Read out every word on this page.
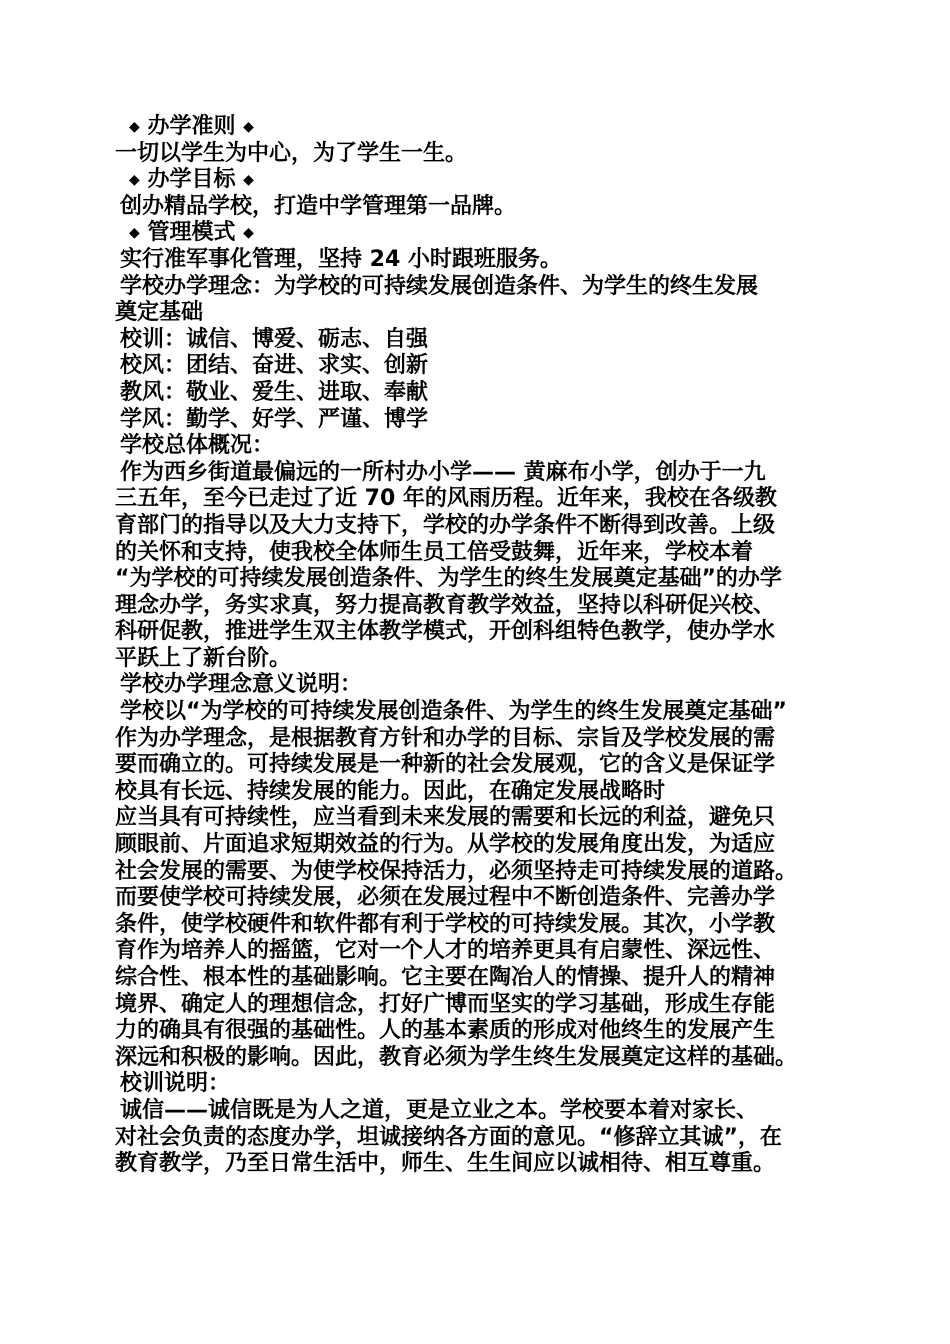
◆ 办学准则 ◆
一切以学生为中心，为了学生一生。
◆ 办学目标 ◆
创办精品学校，打造中学管理第一品牌。
◆ 管理模式 ◆
实行准军事化管理，坚持 24 小时跟班服务。
学校办学理念：为学校的可持续发展创造条件、为学生的终生发展
奠定基础
校训：诚信、博爱、砺志、自强
校风：团结、奋进、求实、创新
教风：敬业、爱生、进取、奉献
学风：勤学、好学、严谨、博学
学校总体概况：
作为西乡街道最偏远的一所村办小学—— 黄麻布小学，创办于一九
三五年，至今已走过了近 70 年的风雨历程。近年来，我校在各级教
育部门的指导以及大力支持下，学校的办学条件不断得到改善。上级
的关怀和支持，使我校全体师生员工倍受鼓舞，近年来，学校本着
“为学校的可持续发展创造条件、为学生的终生发展奠定基础”的办学
理念办学，务实求真，努力提高教育教学效益，坚持以科研促兴校、
科研促教，推进学生双主体教学模式，开创科组特色教学，使办学水
平跃上了新台阶。
学校办学理念意义说明：
学校以“为学校的可持续发展创造条件、为学生的终生发展奠定基础”
作为办学理念，是根据教育方针和办学的目标、宗旨及学校发展的需
要而确立的。可持续发展是一种新的社会发展观，它的含义是保证学
校具有长远、持续发展的能力。因此，在确定发展战略时
应当具有可持续性，应当看到未来发展的需要和长远的利益，避免只
顾眼前、片面追求短期效益的行为。从学校的发展角度出发，为适应
社会发展的需要、为使学校保持活力，必须坚持走可持续发展的道路。
而要使学校可持续发展，必须在发展过程中不断创造条件、完善办学
条件，使学校硬件和软件都有利于学校的可持续发展。其次，小学教
育作为培养人的摇篮，它对一个人才的培养更具有启蒙性、深远性、
综合性、根本性的基础影响。它主要在陶冶人的情操、提升人的精神
境界、确定人的理想信念，打好广博而坚实的学习基础，形成生存能
力的确具有很强的基础性。人的基本素质的形成对他终生的发展产生
深远和积极的影响。因此，教育必须为学生终生发展奠定这样的基础。
校训说明：
诚信——诚信既是为人之道，更是立业之本。学校要本着对家长、
对社会负责的态度办学，坦诚接纳各方面的意见。“修辞立其诚”，在
教育教学，乃至日常生活中，师生、生生间应以诚相待、相互尊重。
